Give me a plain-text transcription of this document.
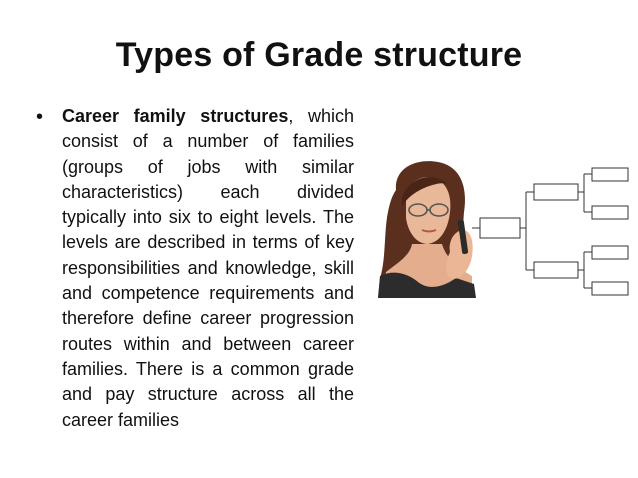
Types of Grade structure
• Career family structures, which consist of a number of families (groups of jobs with similar characteristics) each divided typically into six to eight levels. The levels are described in terms of key responsibilities and knowledge, skill and competence requirements and therefore define career progression routes within and between career families. There is a common grade and pay structure across all the career families
